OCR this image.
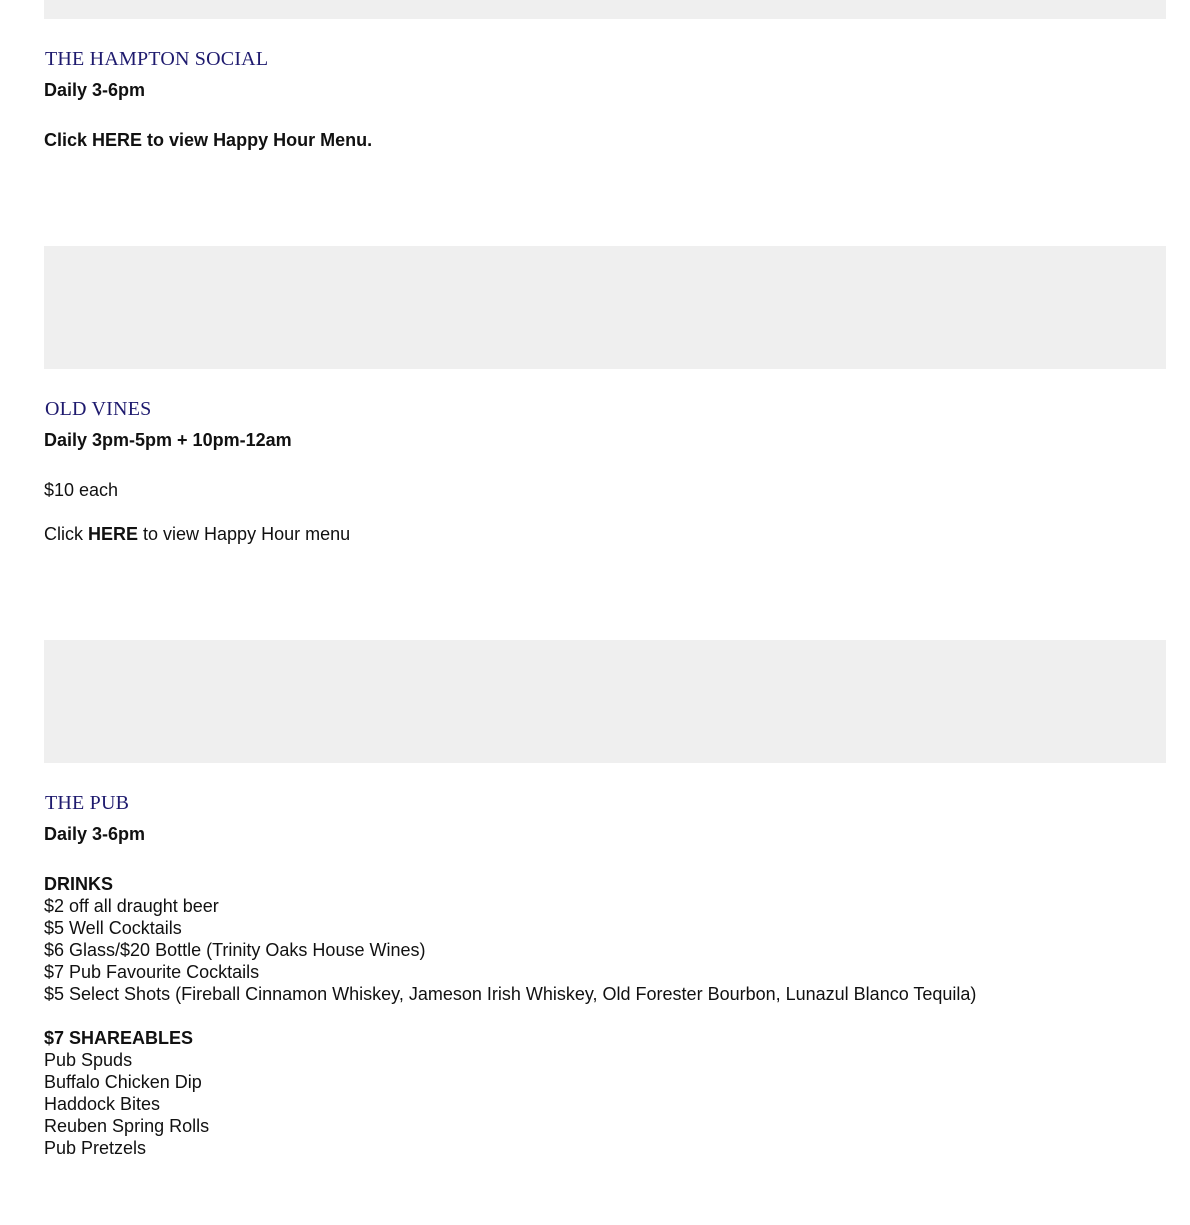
THE HAMPTON SOCIAL

Daily 3-6pm

Click HERE to view Happy Hour Menu.

OLD VINES

Daily 3pm-5pm + 10pm-12am

$10 each

Click HERE to view Happy Hour menu

THE PUB

Daily 3-6pm

DRINKS

$2 off all draught beer
$5 Well Cocktails
$6 Glass/$20 Bottle (Trinity Oaks House Wines)
$7 Pub Favourite Cocktails
$5 Select Shots (Fireball Cinnamon Whiskey, Jameson Irish Whiskey, Old Forester Bourbon, Lunazul Blanco Tequila)

$7 SHAREABLES

Pub Spuds
Buffalo Chicken Dip
Haddock Bites
Reuben Spring Rolls
Pub Pretzels
